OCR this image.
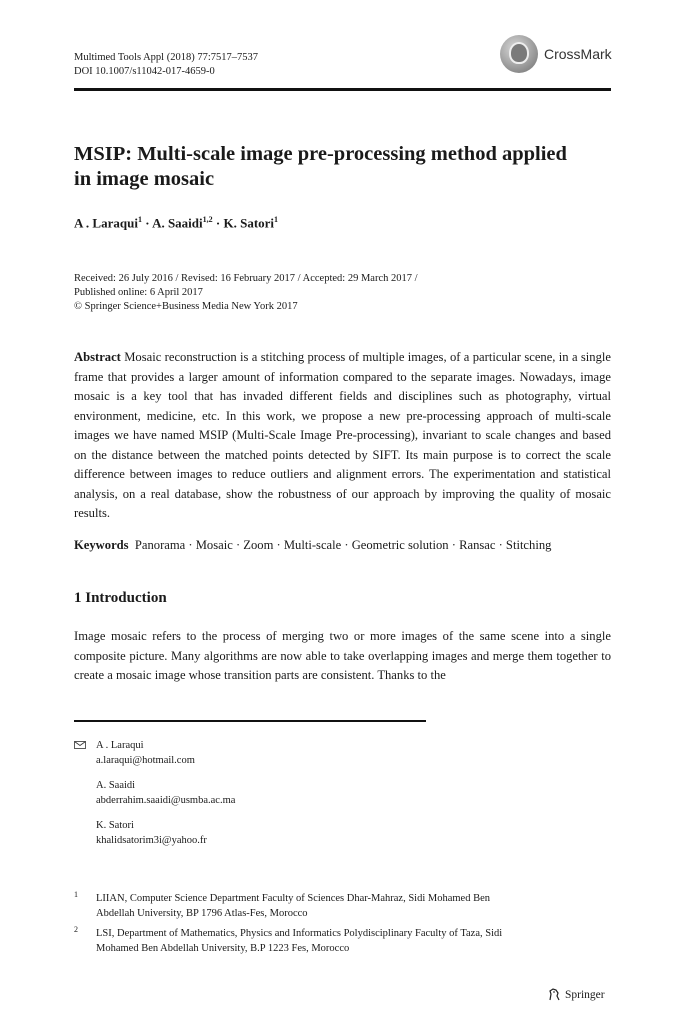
Multimed Tools Appl (2018) 77:7517–7537
DOI 10.1007/s11042-017-4659-0
CrossMark
MSIP: Multi-scale image pre-processing method applied
in image mosaic
A . Laraqui$^1$ · A. Saaidi$^{1,2}$ · K. Satori$^1$
Received: 26 July 2016 / Revised: 16 February 2017 / Accepted: 29 March 2017 /
Published online: 6 April 2017
© Springer Science+Business Media New York 2017
Abstract Mosaic reconstruction is a stitching process of multiple images, of a particular scene, in a single frame that provides a larger amount of information compared to the separate images. Nowadays, image mosaic is a key tool that has invaded different fields and disciplines such as photography, virtual environment, medicine, etc. In this work, we propose a new pre-processing approach of multi-scale images we have named MSIP (Multi-Scale Image Pre-processing), invariant to scale changes and based on the distance between the matched points detected by SIFT. Its main purpose is to correct the scale difference between images to reduce outliers and alignment errors. The experimentation and statistical analysis, on a real database, show the robustness of our approach by improving the quality of mosaic results.
Keywords Panorama · Mosaic · Zoom · Multi-scale · Geometric solution · Ransac · Stitching
1 Introduction
Image mosaic refers to the process of merging two or more images of the same scene into a single composite picture. Many algorithms are now able to take overlapping images and merge them together to create a mosaic image whose transition parts are consistent. Thanks to the
A . Laraqui
a.laraqui@hotmail.com
A. Saaidi
abderrahim.saaidi@usmba.ac.ma
K. Satori
khalidsatorim3i@yahoo.fr
1 LIIAN, Computer Science Department Faculty of Sciences Dhar-Mahraz, Sidi Mohamed Ben
Abdellah University, BP 1796 Atlas-Fes, Morocco
2 LSI, Department of Mathematics, Physics and Informatics Polydisciplinary Faculty of Taza, Sidi
Mohamed Ben Abdellah University, B.P 1223 Fes, Morocco
Springer
